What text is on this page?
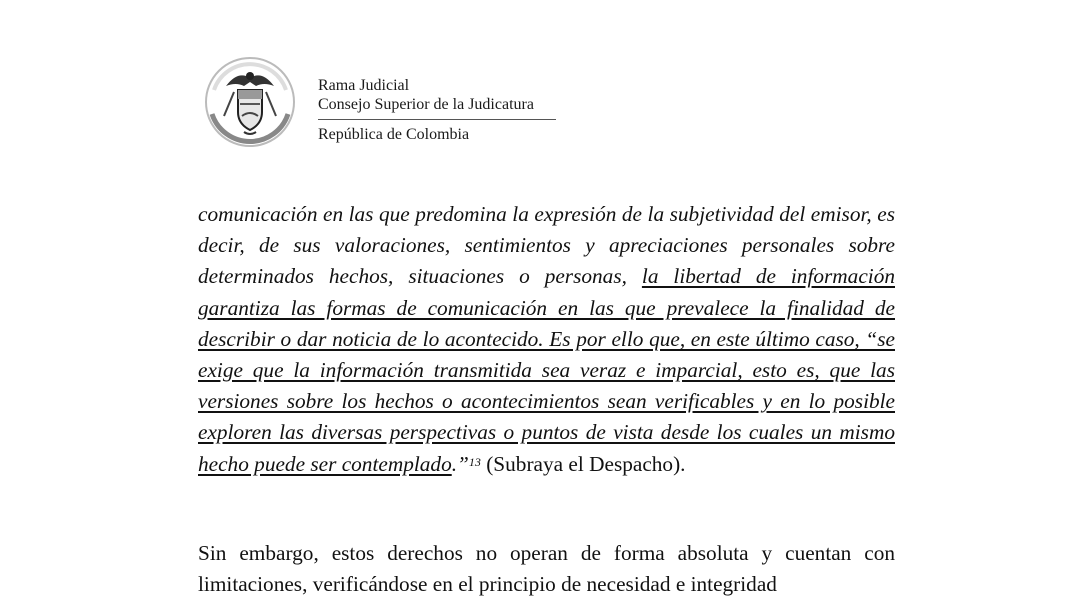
Rama Judicial
Consejo Superior de la Judicatura
República de Colombia
comunicación en las que predomina la expresión de la subjetividad del emisor, es decir, de sus valoraciones, sentimientos y apreciaciones personales sobre determinados hechos, situaciones o personas, la libertad de información garantiza las formas de comunicación en las que prevalece la finalidad de describir o dar noticia de lo acontecido. Es por ello que, en este último caso, “se exige que la información transmitida sea veraz e imparcial, esto es, que las versiones sobre los hechos o acontecimientos sean verificables y en lo posible exploren las diversas perspectivas o puntos de vista desde los cuales un mismo hecho puede ser contemplado.”$^{13}$ (Subraya el Despacho).
Sin embargo, estos derechos no operan de forma absoluta y cuentan con limitaciones, verificándose en el principio de necesidad e integridad
